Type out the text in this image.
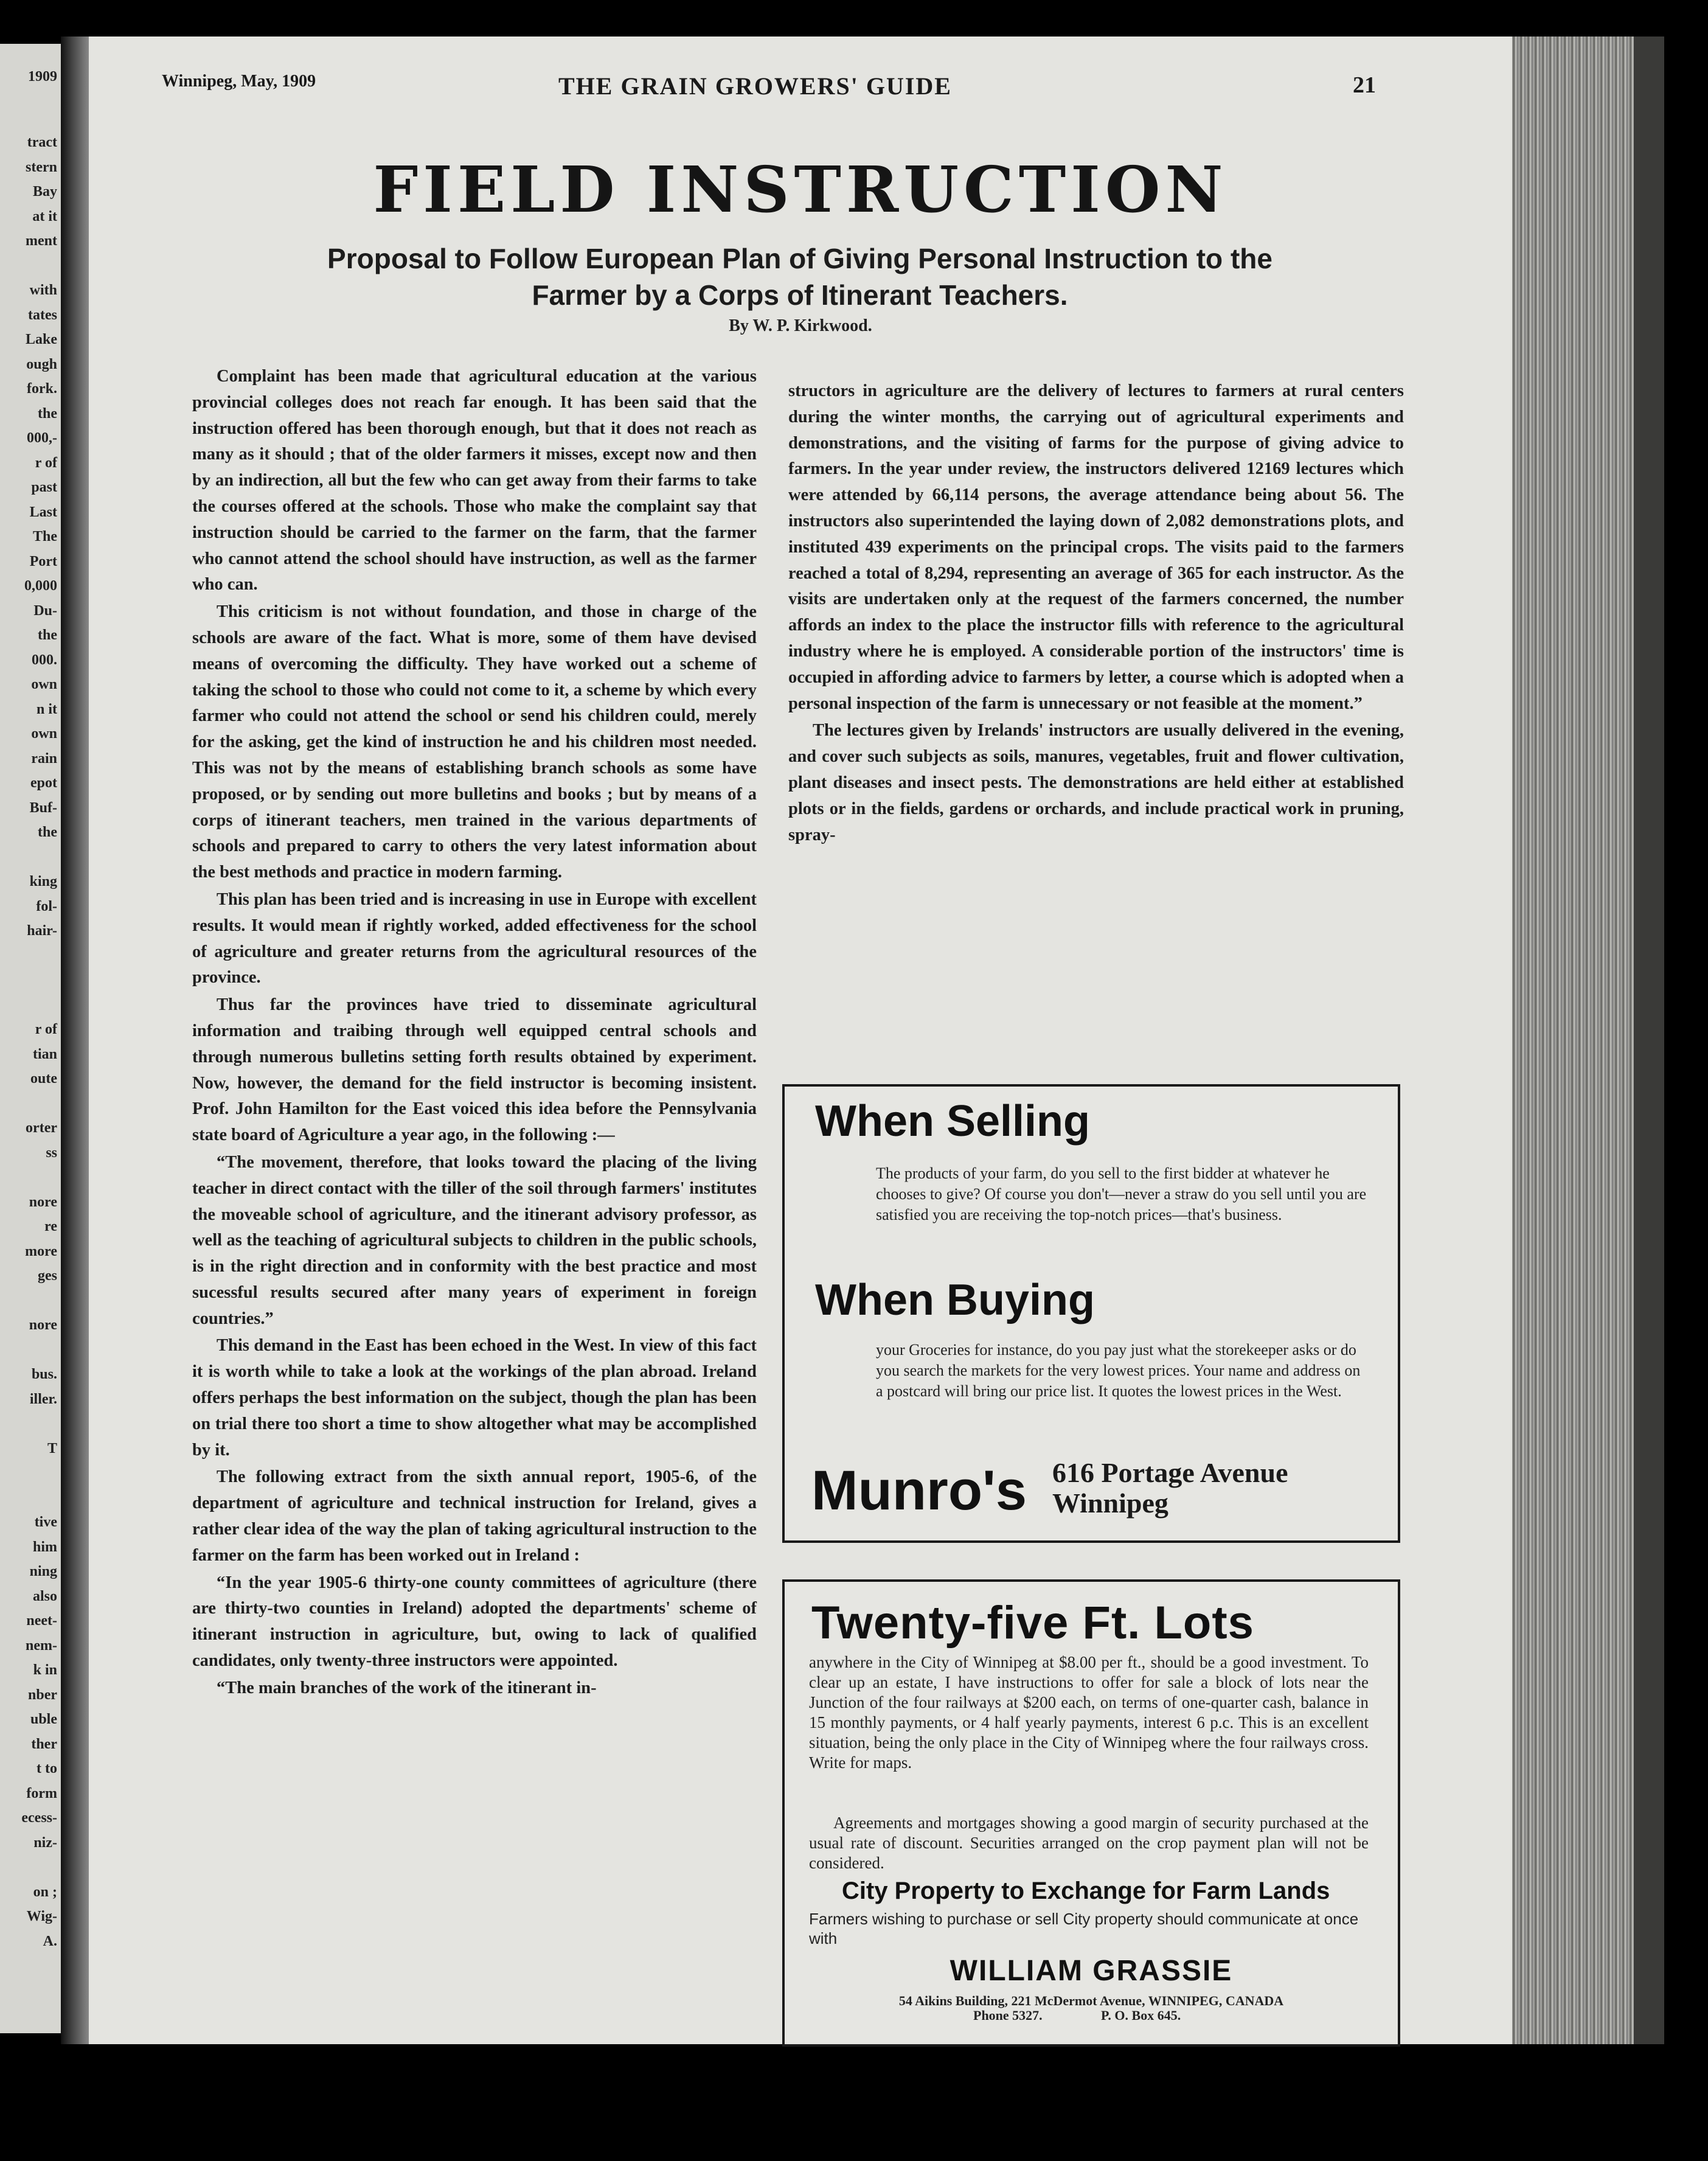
1909
tract
stern
Bay
at it
ment
with
tates
Lake
ough
fork.
the
000,-
r of
past
Last
The
Port
0,000
Du-
the
000.
own
n it
own
rain
epot
Buf-
the
king
fol-
hair-
r of
tian
oute
orter
ss
nore
re
more
ges
nore
bus.
iller.
T
tive
him
ning
also
neet-
nem-
k in
nber
uble
ther
t to
form
ecess-
niz-
on ;
Wig-
A.
Winnipeg, May, 1909	THE GRAIN GROWERS' GUIDE	21
FIELD INSTRUCTION
Proposal to Follow European Plan of Giving Personal Instruction to the
Farmer by a Corps of Itinerant Teachers.
By W. P. Kirkwood.

Complaint has been made that agricultural education at the various provincial colleges does not reach far enough. It has been said that the instruction offered has been thorough enough, but that it does not reach as many as it should ; that of the older farmers it misses, except now and then by an indirection, all but the few who can get away from their farms to take the courses offered at the schools. Those who make the complaint say that instruction should be carried to the farmer on the farm, that the farmer who cannot attend the school should have instruction, as well as the farmer who can.

This criticism is not without foundation, and those in charge of the schools are aware of the fact. What is more, some of them have devised means of overcoming the difficulty. They have worked out a scheme of taking the school to those who could not come to it, a scheme by which every farmer who could not attend the school or send his children could, merely for the asking, get the kind of instruction he and his children most needed. This was not by the means of establishing branch schools as some have proposed, or by sending out more bulletins and books ; but by means of a corps of itinerant teachers, men trained in the various departments of schools and prepared to carry to others the very latest information about the best methods and practice in modern farming.

This plan has been tried and is increasing in use in Europe with excellent results. It would mean if rightly worked, added effectiveness for the school of agriculture and greater returns from the agricultural resources of the province.

Thus far the provinces have tried to disseminate agricultural information and traibing through well equipped central schools and through numerous bulletins setting forth results obtained by experiment. Now, however, the demand for the field instructor is becoming insistent. Prof. John Hamilton for the East voiced this idea before the Pennsylvania state board of Agriculture a year ago, in the following :—

“The movement, therefore, that looks toward the placing of the living teacher in direct contact with the tiller of the soil through farmers' institutes the moveable school of agriculture, and the itinerant advisory professor, as well as the teaching of agricultural subjects to children in the public schools, is in the right direction and in conformity with the best practice and most sucessful results secured after many years of experiment in foreign countries.”

This demand in the East has been echoed in the West. In view of this fact it is worth while to take a look at the workings of the plan abroad. Ireland offers perhaps the best information on the subject, though the plan has been on trial there too short a time to show altogether what may be accomplished by it.

The following extract from the sixth annual report, 1905-6, of the department of agriculture and technical instruction for Ireland, gives a rather clear idea of the way the plan of taking agricultural instruction to the farmer on the farm has been worked out in Ireland :

“In the year 1905-6 thirty-one county committees of agriculture (there are thirty-two counties in Ireland) adopted the departments' scheme of itinerant instruction in agriculture, but, owing to lack of qualified candidates, only twenty-three instructors were appointed.

“The main branches of the work of the itinerant in-

structors in agriculture are the delivery of lectures to farmers at rural centers during the winter months, the carrying out of agricultural experiments and demonstrations, and the visiting of farms for the purpose of giving advice to farmers. In the year under review, the instructors delivered 12169 lectures which were attended by 66,114 persons, the average attendance being about 56. The instructors also superintended the laying down of 2,082 demonstrations plots, and instituted 439 experiments on the principal crops. The visits paid to the farmers reached a total of 8,294, representing an average of 365 for each instructor. As the visits are undertaken only at the request of the farmers concerned, the number affords an index to the place the instructor fills with reference to the agricultural industry where he is employed. A considerable portion of the instructors' time is occupied in affording advice to farmers by letter, a course which is adopted when a personal inspection of the farm is unnecessary or not feasible at the moment.”

The lectures given by Irelands' instructors are usually delivered in the evening, and cover such subjects as soils, manures, vegetables, fruit and flower cultivation, plant diseases and insect pests. The demonstrations are held either at established plots or in the fields, gardens or orchards, and include practical work in pruning, spray-

When Selling
The products of your farm, do you sell to the first bidder at whatever he chooses to give? Of course you don't—never a straw do you sell until you are satisfied you are receiving the top-notch prices—that's business.
When Buying
your Groceries for instance, do you pay just what the storekeeper asks or do you search the markets for the very lowest prices. Your name and address on a postcard will bring our price list. It quotes the lowest prices in the West.
Munro's 616 Portage Avenue
Winnipeg
Twenty-five Ft. Lots
anywhere in the City of Winnipeg at $8.00 per ft., should be a good investment. To clear up an estate, I have instructions to offer for sale a block of lots near the Junction of the four railways at $200 each, on terms of one-quarter cash, balance in 15 monthly payments, or 4 half yearly payments, interest 6 p.c. This is an excellent situation, being the only place in the City of Winnipeg where the four railways cross. Write for maps.
Agreements and mortgages showing a good margin of security purchased at the usual rate of discount. Securities arranged on the crop payment plan will not be considered.
City Property to Exchange for Farm Lands
Farmers wishing to purchase or sell City property should communicate at once with
WILLIAM GRASSIE
54 Aikins Building, 221 McDermot Avenue, WINNIPEG, CANADA
Phone 5327.	P. O. Box 645.
